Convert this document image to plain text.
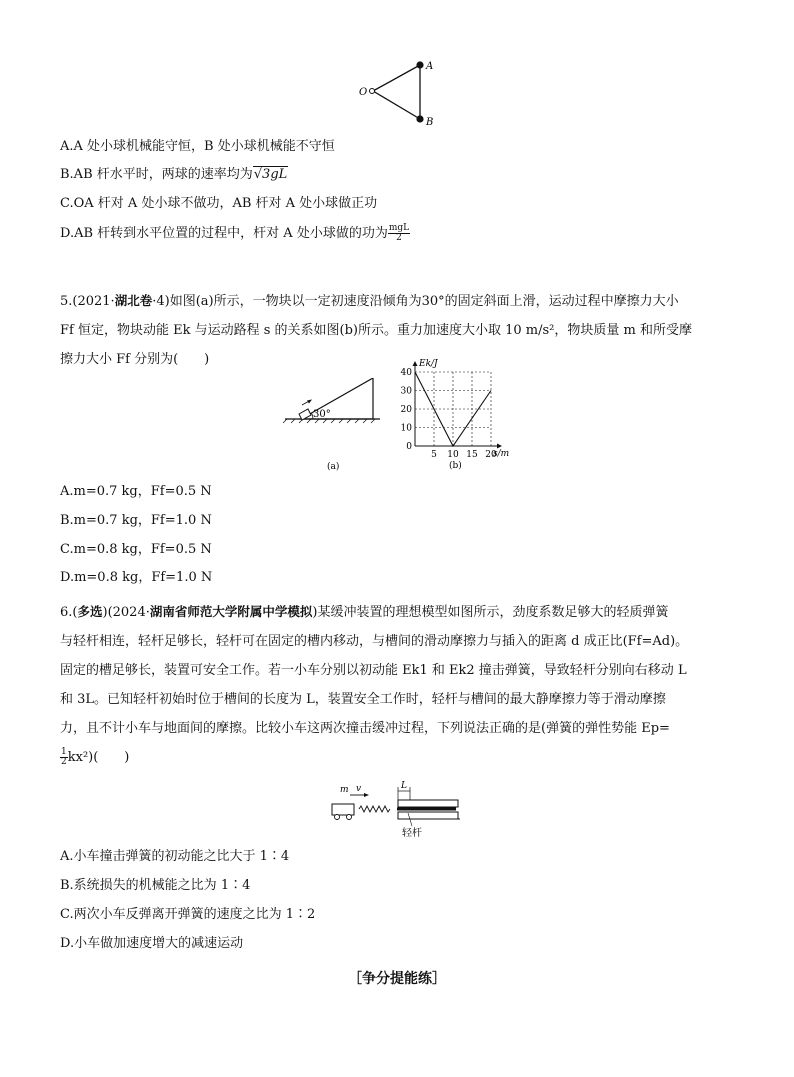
O
A
B
A.A 处小球机械能守恒，B 处小球机械能不守恒
B.AB 杆水平时，两球的速率均为√3gL
C.OA 杆对 A 处小球不做功，AB 杆对 A 处小球做正功
D.AB 杆转到水平位置的过程中，杆对 A 处小球做的功为 $\frac{\text{mgL}}{2}$
5.(2021·湖北卷·4)如图(a)所示，一物块以一定初速度沿倾角为30°的固定斜面上滑，运动过程中摩擦力大小
Ff 恒定，物块动能 Ek 与运动路程 s 的关系如图(b)所示。重力加速度大小取 10 m/s²，物块质量 m 和所受摩
擦力大小 Ff 分别为(　　)
30°
(a)
0
10
20
30
40
5 10 15 20
Ek/J
s/m
(b)
A.m=0.7 kg，Ff=0.5 N
B.m=0.7 kg，Ff=1.0 N
C.m=0.8 kg，Ff=0.5 N
D.m=0.8 kg，Ff=1.0 N
6.(多选)(2024·湖南省师范大学附属中学模拟)某缓冲装置的理想模型如图所示，劲度系数足够大的轻质弹簧
与轻杆相连，轻杆足够长，轻杆可在固定的槽内移动，与槽间的滑动摩擦力与插入的距离 d 成正比(Ff=Ad)。
固定的槽足够长，装置可安全工作。若一小车分别以初动能 Ek1 和 Ek2 撞击弹簧，导致轻杆分别向右移动 L
和 3L。已知轻杆初始时位于槽间的长度为 L，装置安全工作时，轻杆与槽间的最大静摩擦力等于滑动摩擦
力，且不计小车与地面间的摩擦。比较小车这两次撞击缓冲过程，下列说法正确的是(弹簧的弹性势能 Ep=
$\frac{1}{2} kx^2$)(　　)
m v	L
轻杆
A.小车撞击弹簧的初动能之比大于 1∶4
B.系统损失的机械能之比为 1∶4
C.两次小车反弹离开弹簧的速度之比为 1∶2
D.小车做加速度增大的减速运动
［争分提能练］
